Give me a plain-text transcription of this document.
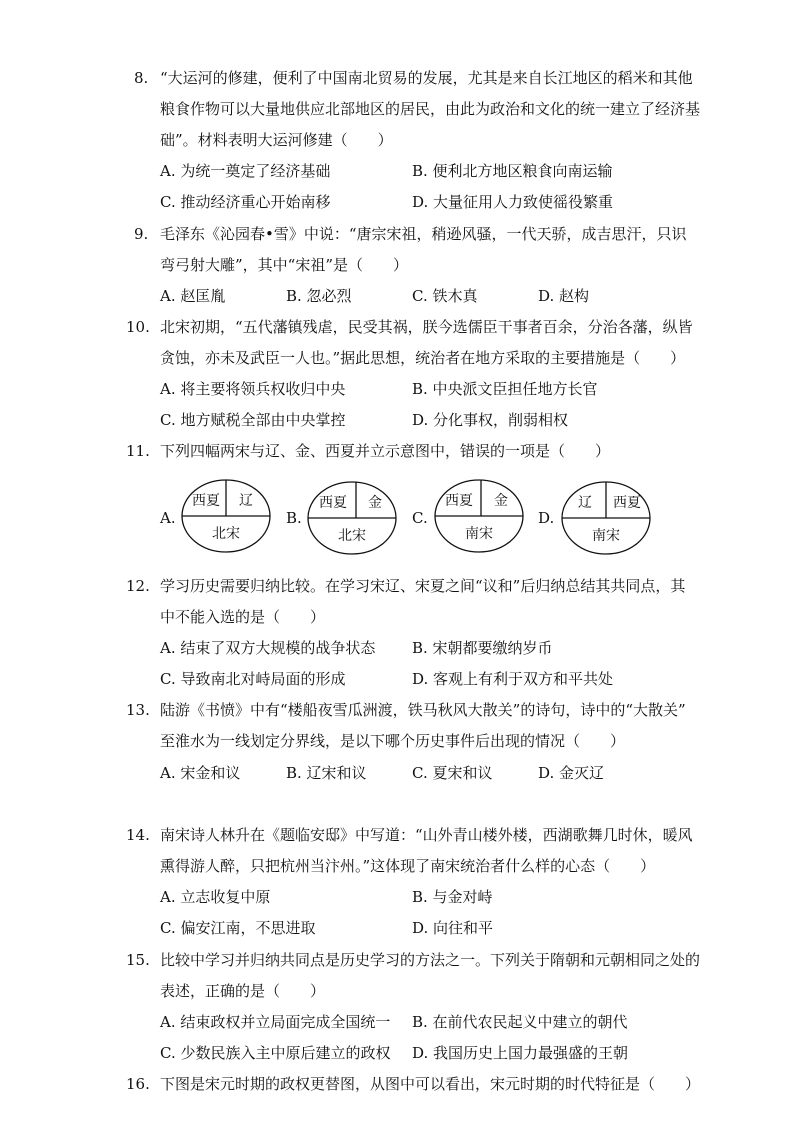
8. “大运河的修建，便利了中国南北贸易的发展，尤其是来自长江地区的稻米和其他
粮食作物可以大量地供应北部地区的居民，由此为政治和文化的统一建立了经济基
础”。材料表明大运河修建（　　）
A. 为统一奠定了经济基础	B. 便利北方地区粮食向南运输
C. 推动经济重心开始南移	D. 大量征用人力致使徭役繁重
9. 毛泽东《沁园春•雪》中说：“唐宗宋祖，稍逊风骚，一代天骄，成吉思汗，只识
弯弓射大雕”，其中“宋祖”是（　　）
A. 赵匡胤	B. 忽必烈	C. 铁木真	D. 赵构
10. 北宋初期，“五代藩镇残虐，民受其祸，朕今选儒臣干事者百余，分治各藩，纵皆
贪蚀，亦未及武臣一人也。”据此思想，统治者在地方采取的主要措施是（　　）
A. 将主要将领兵权收归中央	B. 中央派文臣担任地方长官
C. 地方赋税全部由中央掌控	D. 分化事权，削弱相权
11. 下列四幅两宋与辽、金、西夏并立示意图中，错误的一项是（　　）
A.
西夏 辽
北宋
B.
西夏 金
北宋
C.
西夏 金
南宋
D.
辽 西夏
南宋
12. 学习历史需要归纳比较。在学习宋辽、宋夏之间“议和”后归纳总结其共同点，其
中不能入选的是（　　）
A. 结束了双方大规模的战争状态 B. 宋朝都要缴纳岁币
C. 导致南北对峙局面的形成	D. 客观上有利于双方和平共处
13. 陆游《书愤》中有“楼船夜雪瓜洲渡，铁马秋风大散关”的诗句，诗中的“大散关”
至淮水为一线划定分界线，是以下哪个历史事件后出现的情况（　　）
A. 宋金和议	B. 辽宋和议	C. 夏宋和议	D. 金灭辽
14. 南宋诗人林升在《题临安邸》中写道：“山外青山楼外楼，西湖歌舞几时休，暖风
熏得游人醉，只把杭州当汴州。”这体现了南宋统治者什么样的心态（　　）
A. 立志收复中原	B. 与金对峙
C. 偏安江南，不思进取	D. 向往和平
15. 比较中学习并归纳共同点是历史学习的方法之一。下列关于隋朝和元朝相同之处的
表述，正确的是（　　）
A. 结束政权并立局面完成全国统一 B. 在前代农民起义中建立的朝代
C. 少数民族入主中原后建立的政权 D. 我国历史上国力最强盛的王朝
16. 下图是宋元时期的政权更替图，从图中可以看出，宋元时期的时代特征是（　　）
